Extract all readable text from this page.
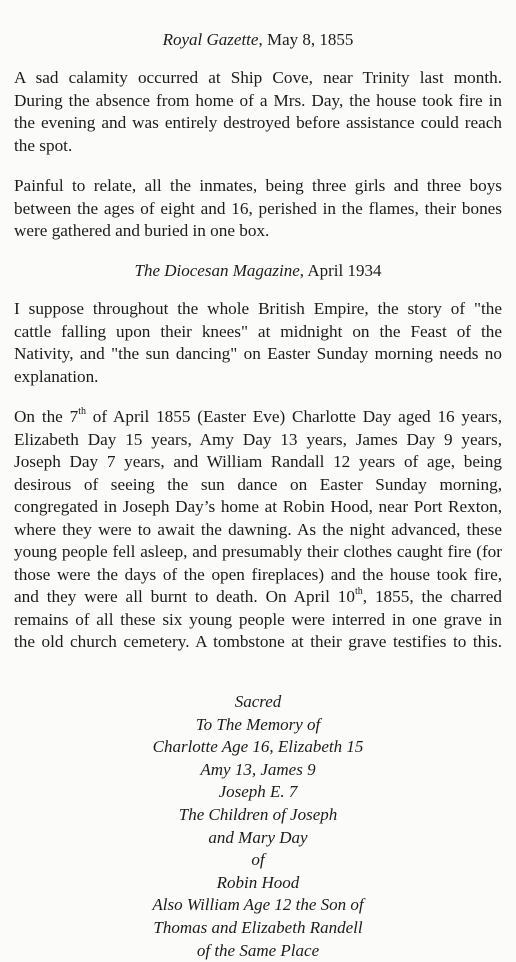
Royal Gazette, May 8, 1855
A sad calamity occurred at Ship Cove, near Trinity last month.
During the absence from home of a Mrs. Day, the house took fire in
the evening and was entirely destroyed before assistance could reach
the spot.
Painful to relate, all the inmates, being three girls and three boys
between the ages of eight and 16, perished in the flames, their bones
were gathered and buried in one box.
The Diocesan Magazine, April 1934
I suppose throughout the whole British Empire, the story of "the
cattle falling upon their knees" at midnight on the Feast of the
Nativity, and "the sun dancing" on Easter Sunday morning needs no
explanation.
On the 7th of April 1855 (Easter Eve) Charlotte Day aged 16 years,
Elizabeth Day 15 years, Amy Day 13 years, James Day 9 years,
Joseph Day 7 years, and William Randall 12 years of age, being
desirous of seeing the sun dance on Easter Sunday morning,
congregated in Joseph Day’s home at Robin Hood, near Port Rexton,
where they were to await the dawning. As the night advanced, these
young people fell asleep, and presumably their clothes caught fire (for
those were the days of the open fireplaces) and the house took fire,
and they were all burnt to death. On April 10th, 1855, the charred
remains of all these six young people were interred in one grave in
the old church cemetery. A tombstone at their grave testifies to this.
Sacred
To The Memory of
Charlotte Age 16, Elizabeth 15
Amy 13, James 9
Joseph E. 7
The Children of Joseph
and Mary Day
of
Robin Hood
Also William Age 12 the Son of
Thomas and Elizabeth Randell
of the Same Place
